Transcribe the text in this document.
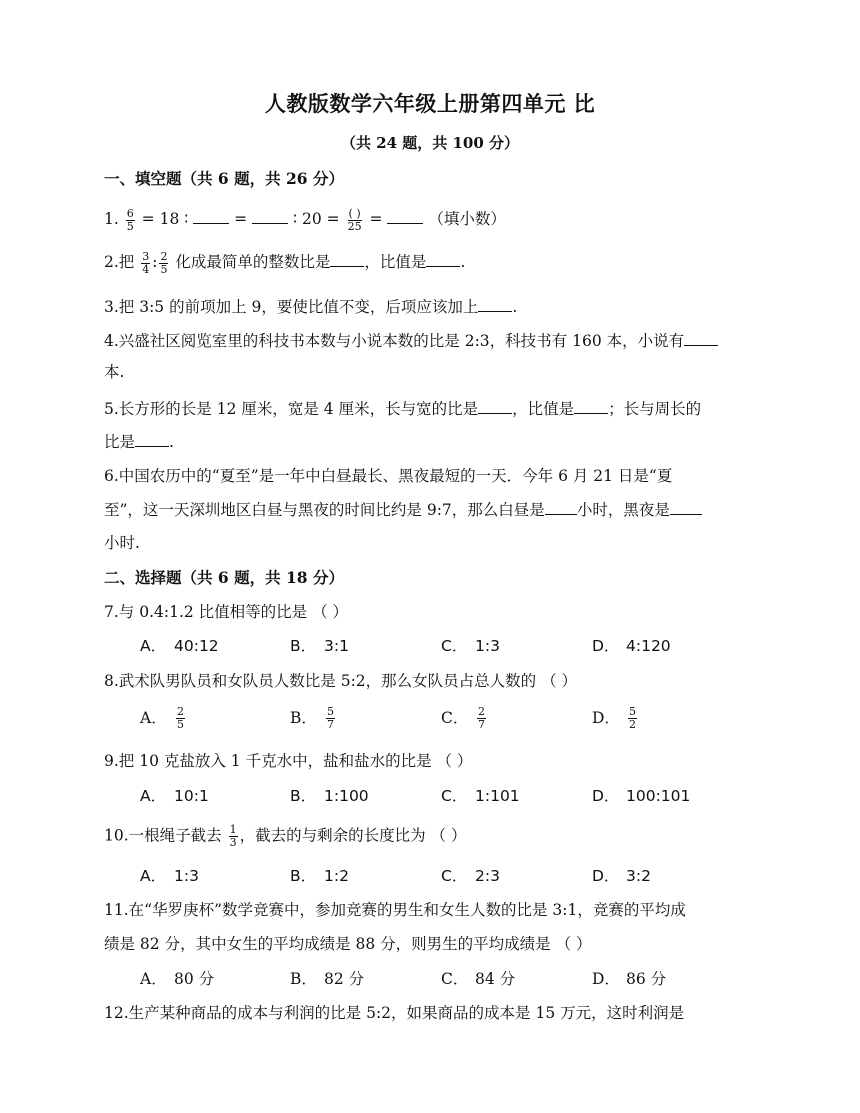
人教版数学六年级上册第四单元 比
（共 24 题，共 100 分）
一、填空题（共 6 题，共 26 分）
1. $\frac{6}{5} = 18$ ∶	=	∶ $20 = \frac{( )}{25}$ =	（填小数）
2.把 $\frac{3}{4}$ : $\frac{2}{5}$ 化成最简单的整数比是 ，比值是 .
3.把 3:5 的前项加上 9，要使比值不变，后项应该加上 .
4.兴盛社区阅览室里的科技书本数与小说本数的比是 2:3，科技书有 160 本，小说有
本.
5.长方形的长是 12 厘米，宽是 4 厘米，长与宽的比是 ，比值是 ；长与周长的
比是 .
6.中国农历中的“夏至”是一年中白昼最长、黑夜最短的一天．今年 6 月 21 日是“夏
至”，这一天深圳地区白昼与黑夜的时间比约是 9:7，那么白昼是 小时，黑夜是
小时.
二、选择题（共 6 题，共 18 分）
7.与 0.4:1.2 比值相等的比是 （ ）
A． 40:12	B． 3:1	C． 1:3	D． 4:120
8.武术队男队员和女队员人数比是 5:2，那么女队员占总人数的 （ ）
A． $\frac{2}{5}$	B． $\frac{5}{7}$	C． $\frac{2}{7}$	D． $\frac{5}{2}$
9.把 10 克盐放入 1 千克水中，盐和盐水的比是 （ ）
A． 10:1	B． 1:100	C． 1:101	D． 100:101
10.一根绳子截去 $\frac{1}{3}$ ，截去的与剩余的长度比为 （ ）
A． 1:3	B． 1:2	C． 2:3	D． 3:2
11.在“华罗庚杯”数学竞赛中，参加竞赛的男生和女生人数的比是 3:1，竞赛的平均成
绩是 82 分，其中女生的平均成绩是 88 分，则男生的平均成绩是 （ ）
A． 80 分	B． 82 分	C． 84 分	D． 86 分
12.生产某种商品的成本与利润的比是 5:2，如果商品的成本是 15 万元，这时利润是
